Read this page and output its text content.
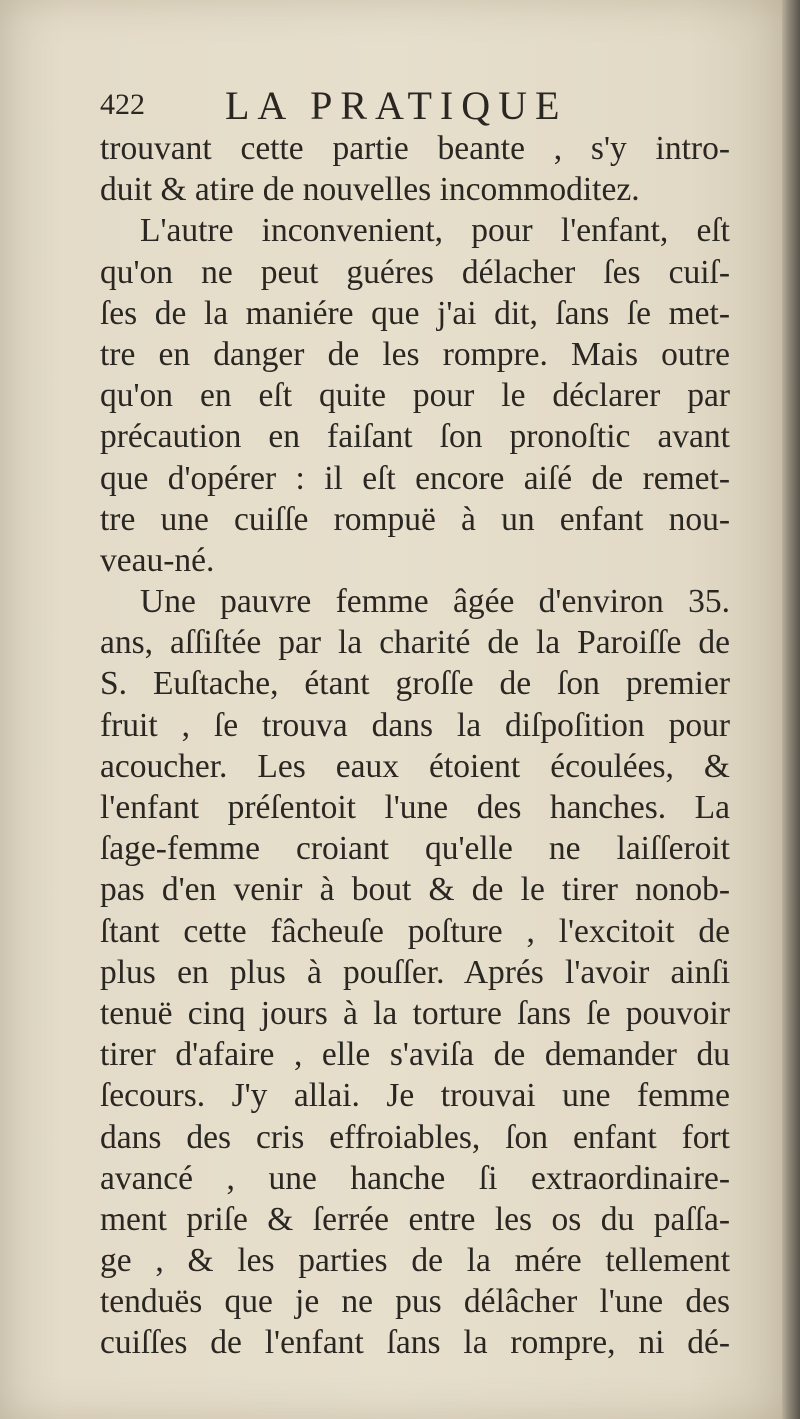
422 LA PRATIQUE
trouvant cette partie beante , s'y intro-
duit & atire de nouvelles incommoditez.
L'autre inconvenient, pour l'enfant, eſt
qu'on ne peut guéres délacher ſes cuiſ-
ſes de la maniére que j'ai dit, ſans ſe met-
tre en danger de les rompre. Mais outre
qu'on en eſt quite pour le déclarer par
précaution en faiſant ſon pronoſtic avant
que d'opérer : il eſt encore aiſé de remet-
tre une cuiſſe rompuë à un enfant nou-
veau-né.
Une pauvre femme âgée d'environ 35.
ans, aſſiſtée par la charité de la Paroiſſe de
S. Euſtache, étant groſſe de ſon premier
fruit , ſe trouva dans la diſpoſition pour
acoucher. Les eaux étoient écoulées, &
l'enfant préſentoit l'une des hanches. La
ſage-femme croiant qu'elle ne laiſſeroit
pas d'en venir à bout & de le tirer nonob-
ſtant cette fâcheuſe poſture , l'excitoit de
plus en plus à pouſſer. Aprés l'avoir ainſi
tenuë cinq jours à la torture ſans ſe pouvoir
tirer d'afaire , elle s'aviſa de demander du
ſecours. J'y allai. Je trouvai une femme
dans des cris effroiables, ſon enfant fort
avancé , une hanche ſi extraordinaire-
ment priſe & ſerrée entre les os du paſſa-
ge , & les parties de la mére tellement
tenduës que je ne pus délâcher l'une des
cuiſſes de l'enfant ſans la rompre, ni dé-
